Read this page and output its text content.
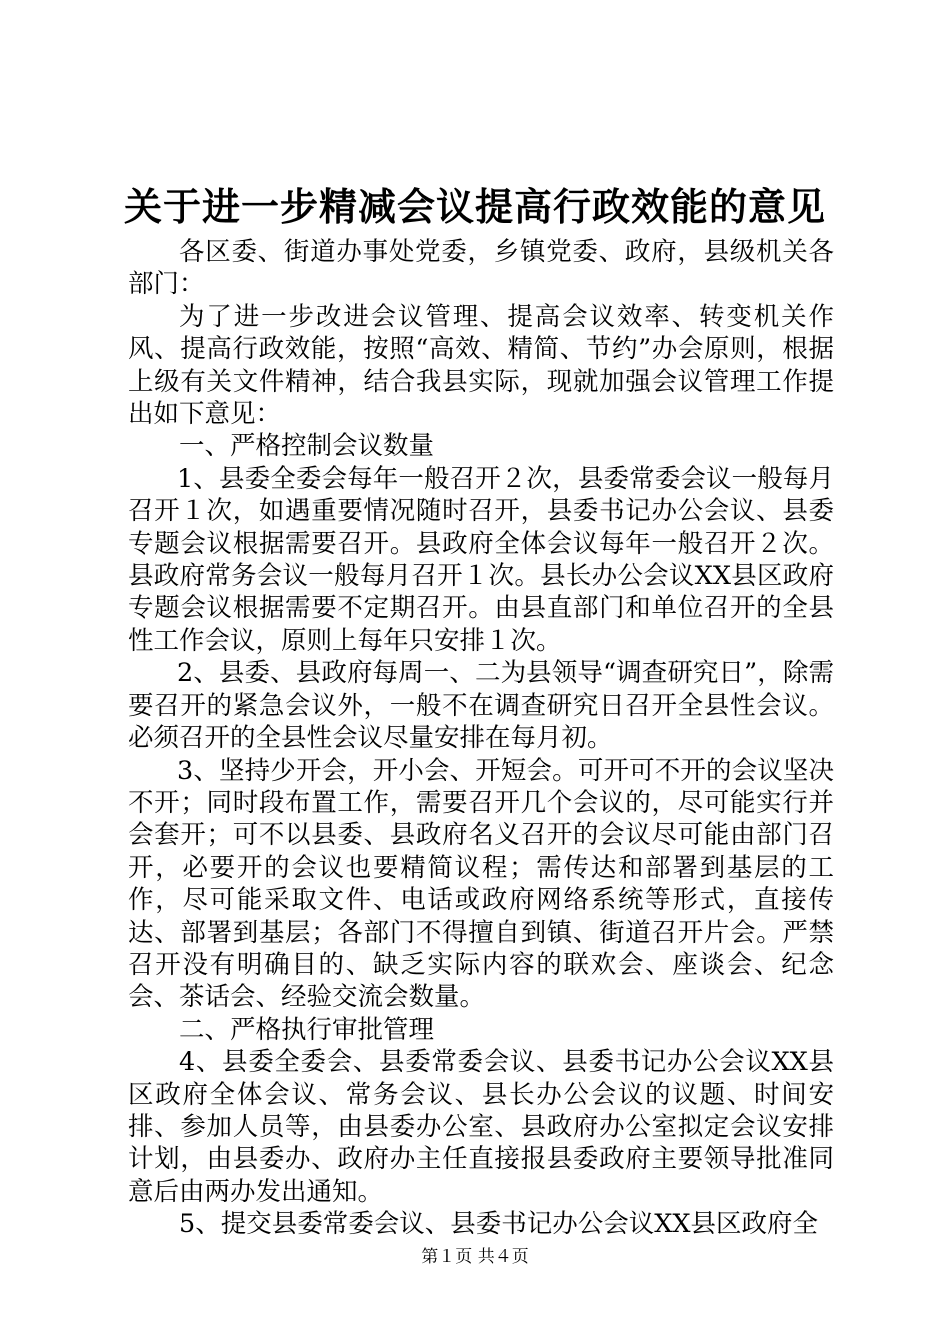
关于进一步精减会议提高行政效能的意见

各区委、街道办事处党委，乡镇党委、政府，县级机关各部门：

为了进一步改进会议管理、提高会议效率、转变机关作风、提高行政效能，按照“高效、精简、节约”办会原则，根据上级有关文件精神，结合我县实际，现就加强会议管理工作提出如下意见：

一、严格控制会议数量

1、县委全委会每年一般召开２次，县委常委会议一般每月召开１次，如遇重要情况随时召开，县委书记办公会议、县委专题会议根据需要召开。县政府全体会议每年一般召开２次。县政府常务会议一般每月召开１次。县长办公会议XX县区政府专题会议根据需要不定期召开。由县直部门和单位召开的全县性工作会议，原则上每年只安排１次。

2、县委、县政府每周一、二为县领导“调查研究日”，除需要召开的紧急会议外，一般不在调查研究日召开全县性会议。必须召开的全县性会议尽量安排在每月初。

3、坚持少开会，开小会、开短会。可开可不开的会议坚决不开；同时段布置工作，需要召开几个会议的，尽可能实行并会套开；可不以县委、县政府名义召开的会议尽可能由部门召开，必要开的会议也要精简议程；需传达和部署到基层的工作，尽可能采取文件、电话或政府网络系统等形式，直接传达、部署到基层；各部门不得擅自到镇、街道召开片会。严禁召开没有明确目的、缺乏实际内容的联欢会、座谈会、纪念会、茶话会、经验交流会数量。

二、严格执行审批管理

4、县委全委会、县委常委会议、县委书记办公会议XX县区政府全体会议、常务会议、县长办公会议的议题、时间安排、参加人员等，由县委办公室、县政府办公室拟定会议安排计划，由县委办、政府办主任直接报县委政府主要领导批准同意后由两办发出通知。

5、提交县委常委会议、县委书记办公会议XX县区政府全

第１页 共４页
